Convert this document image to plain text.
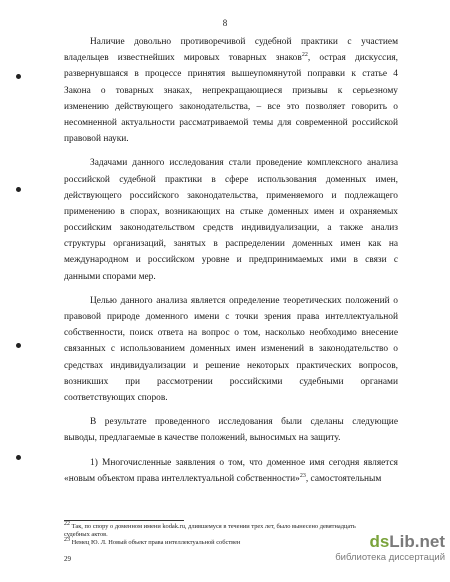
8
Наличие довольно противоречивой судебной практики с участием
владельцев известнейших мировых товарных знаков$^{22}$, острая дискуссия,
развернувшаяся в процессе принятия вышеупомянутой поправки к статье 4
Закона о товарных знаках, непрекращающиеся призывы к серьезному
изменению действующего законодательства, – все это позволяет говорить о
несомненной актуальности рассматриваемой темы для современной российской
правовой науки.
Задачами данного исследования стали проведение комплексного анализа
российской судебной практики в сфере использования доменных имен,
действующего российского законодательства, применяемого и подлежащего
применению в спорах, возникающих на стыке доменных имен и охраняемых
российским законодательством средств индивидуализации, а также анализ
структуры организаций, занятых в распределении доменных имен как на
международном и российском уровне и предпринимаемых ими в связи с
данными спорами мер.
Целью данного анализа является определение теоретических положений о
правовой природе доменного имени с точки зрения права интеллектуальной
собственности, поиск ответа на вопрос о том, насколько необходимо внесение
связанных с использованием доменных имен изменений в законодательство о
средствах индивидуализации и решение некоторых практических вопросов,
возникших при рассмотрении российскими судебными органами
соответствующих споров.
В результате проведенного исследования были сделаны следующие
выводы, предлагаемые в качестве положений, выносимых на защиту.
1) Многочисленные заявления о том, что доменное имя сегодня является
«новым объектом права интеллектуальной собственности»$^{23}$, самостоятельным
$^{22}$ Так, по спору о доменном имени kodak.ru, длившемуся в течении трех лет, было вынесено девятнадцать
судебных актов.
$^{23}$ Немец Ю. Л. Новый объект права интеллектуальной собствен
29
dsLib.net
библиотека диссертаций
